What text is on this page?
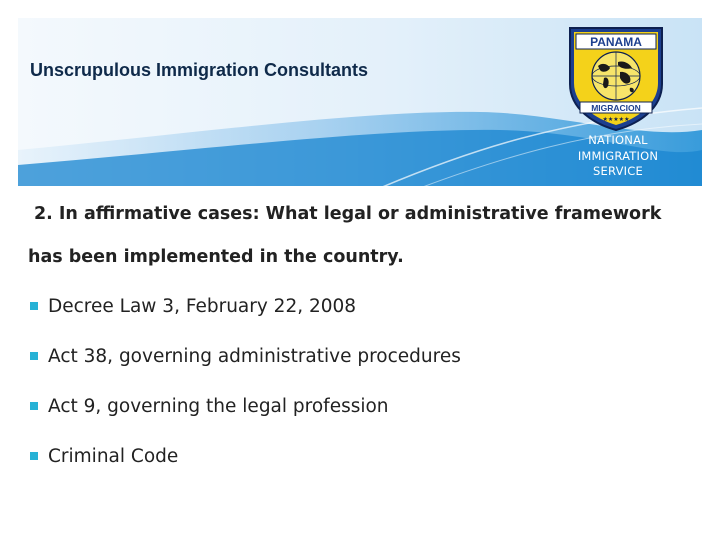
Unscrupulous Immigration Consultants
PANAMA
MIGRACION
★★★★★
NATIONAL
IMMIGRATION
SERVICE
2. In affirmative cases: What legal or administrative framework
has been implemented in the country.
Decree Law 3, February 22, 2008
Act 38, governing administrative procedures
Act 9, governing the legal profession
Criminal Code
